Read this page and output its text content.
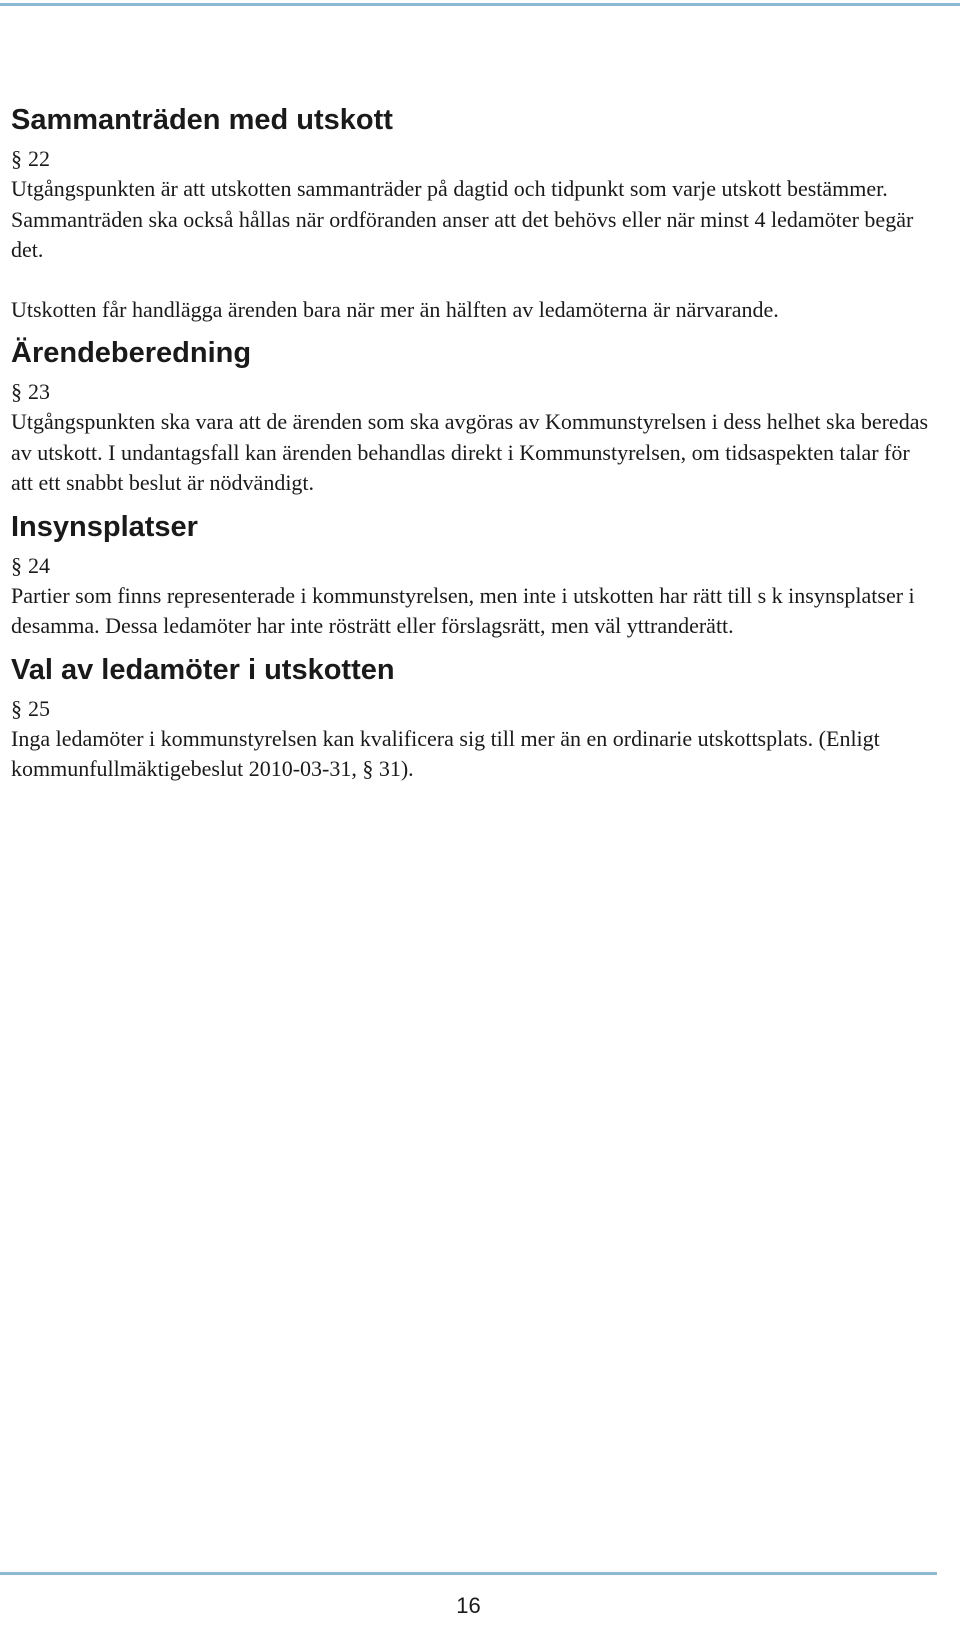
Sammanträden med utskott

§ 22

Utgångspunkten är att utskotten sammanträder på dagtid och tidpunkt som varje utskott bestämmer. Sammanträden ska också hållas när ordföranden anser att det behövs eller när minst 4 ledamöter begär det.

Utskotten får handlägga ärenden bara när mer än hälften av ledamöterna är närvarande.

Ärendeberedning

§ 23

Utgångspunkten ska vara att de ärenden som ska avgöras av Kommunstyrelsen i dess helhet ska beredas av utskott. I undantagsfall kan ärenden behandlas direkt i Kommunstyrelsen, om tidsaspekten talar för att ett snabbt beslut är nödvändigt.

Insynsplatser

§ 24

Partier som finns representerade i kommunstyrelsen, men inte i utskotten har rätt till s k insynsplatser i desamma. Dessa ledamöter har inte rösträtt eller förslagsrätt, men väl yttranderätt.

Val av ledamöter i utskotten

§ 25

Inga ledamöter i kommunstyrelsen kan kvalificera sig till mer än en ordinarie utskottsplats. (Enligt kommunfullmäktigebeslut 2010-03-31, § 31).

16
